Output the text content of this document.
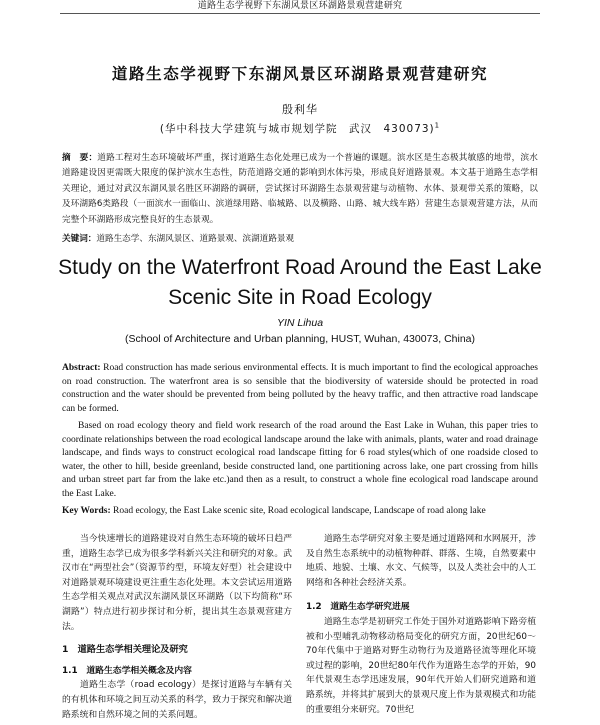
道路生态学视野下东湖风景区环湖路景观营建研究
道路生态学视野下东湖风景区环湖路景观营建研究
殷利华
(华中科技大学建筑与城市规划学院　武汉　430073)$^1$
摘　要：道路工程对生态环境破坏严重，探讨道路生态化处理已成为一个普遍的课题。滨水区是生态极其敏感的地带，滨水道路建设因更需既大限度的保护滨水生态性，防范道路交通的影响到水体污染，形成良好道路景观。本文基于道路生态学相关理论，通过对武汉东湖风景名胜区环湖路的调研，尝试探讨环湖路生态景观营建与动植物、水体、景观带关系的策略，以及环湖路6类路段（一面滨水一面临山、滨道绿用路、临城路、以及横路、山路、城大线车路）营建生态景观营建方法，从而完整个环湖路形成完整良好的生态景观。
关键词：道路生态学、东湖风景区、道路景观、滨湖道路景观
Study on the Waterfront Road Around the East Lake
Scenic Site in Road Ecology
YIN Lihua
(School of Architecture and Urban planning, HUST, Wuhan, 430073, China)

Abstract: Road construction has made serious environmental effects. It is much important to find the ecological approaches on road construction. The waterfront area is so sensible that the biodiversity of waterside should be protected in road construction and the water should be prevented from being polluted by the heavy traffic, and then attractive road landscape can be formed.

Based on road ecology theory and field work research of the road around the East Lake in Wuhan, this paper tries to coordinate relationships between the road ecological landscape around the lake with animals, plants, water and road drainage landscape, and finds ways to construct ecological road landscape fitting for 6 road styles(which of one roadside closed to water, the other to hill, beside greenland, beside constructed land, one partitioning across lake, one part crossing from hills and urban street part far from the lake etc.)and then as a result, to construct a whole fine ecological road landscape around the East Lake.

Key Words: Road ecology, the East Lake scenic site, Road ecological landscape, Landscape of road along lake

当今快速增长的道路建设对自然生态环境的破坏日趋严重，道路生态学已成为很多学科新兴关注和研究的对象。武汉市在“两型社会”（资源节约型，环境友好型）社会建设中对道路景观环境建设更注重生态化处理。本文尝试运用道路生态学相关观点对武汉东湖风景区环湖路（以下均简称“环湖路”）特点进行初步探讨和分析，提出其生态景观营建方法。

1　道路生态学相关理论及研究
1.1　道路生态学相关概念及内容

道路生态学（road ecology）是探讨道路与车辆有关的有机体和环境之间互动关系的科学，致力于探究和解决道路系统和自然环境之间的关系问题。

道路生态学研究对象主要是通过道路网和水网展开，涉及自然生态系统中的动植物种群、群落、生境，自然要素中地质、地貌、土壤、水文、气候等，以及人类社会中的人工网络和各种社会经济关系。

1.2　道路生态学研究进展

道路生态学是初研究工作处于国外对道路影响下路旁植被和小型哺乳动物移动格局变化的研究方面，20世纪60～70年代集中于道路对野生动物行为及道路径流等理化环境或过程的影响，20世纪80年代作为道路生态学的开始，90年代景观生态学迅速发展，90年代开始人们研究道路和道路系统，并将其扩展到大的景观尺度上作为景观模式和功能的重要组分来研究。70世纪
